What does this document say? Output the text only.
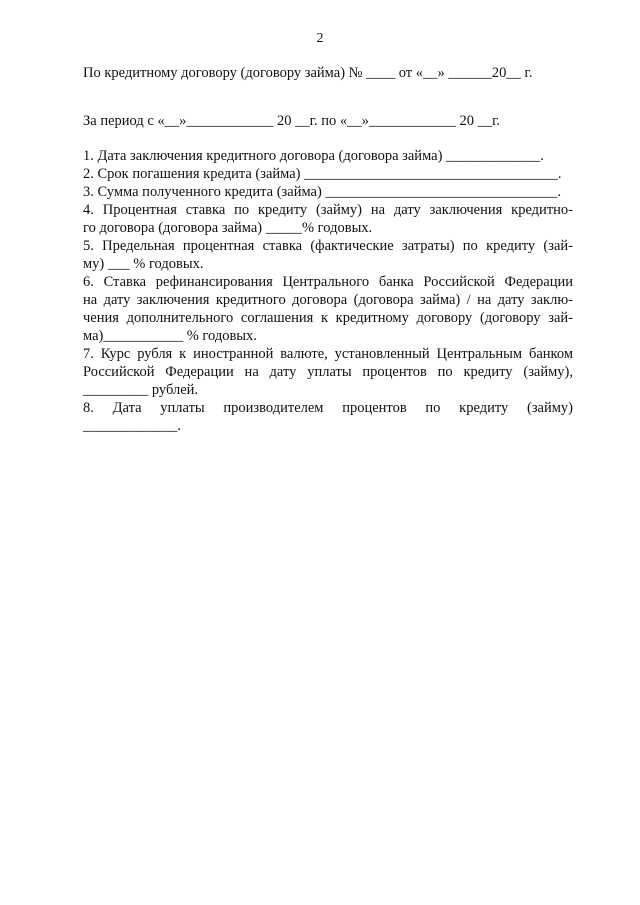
2
По кредитному договору (договору займа) № ____ от «__» ______20__ г.
За период с «__»____________ 20 __г. по «__»____________ 20 __г.
1. Дата заключения кредитного договора (договора займа) _____________.
2. Срок погашения кредита (займа) ___________________________________.
3. Сумма полученного кредита (займа) ________________________________.
4. Процентная ставка по кредиту (займу) на дату заключения кредитно-
го договора (договора займа) _____% годовых.
5. Предельная процентная ставка (фактические затраты) по кредиту (зай-
му) ___ % годовых.
6. Ставка рефинансирования Центрального банка Российской Федерации
на дату заключения кредитного договора (договора займа) / на дату заклю-
чения дополнительного соглашения к кредитному договору (договору зай-
ма)___________ % годовых.
7. Курс рубля к иностранной валюте, установленный Центральным банком
Российской Федерации на дату уплаты процентов по кредиту (займу),
_________ рублей.
8. Дата уплаты производителем процентов по кредиту (займу)
_____________.
